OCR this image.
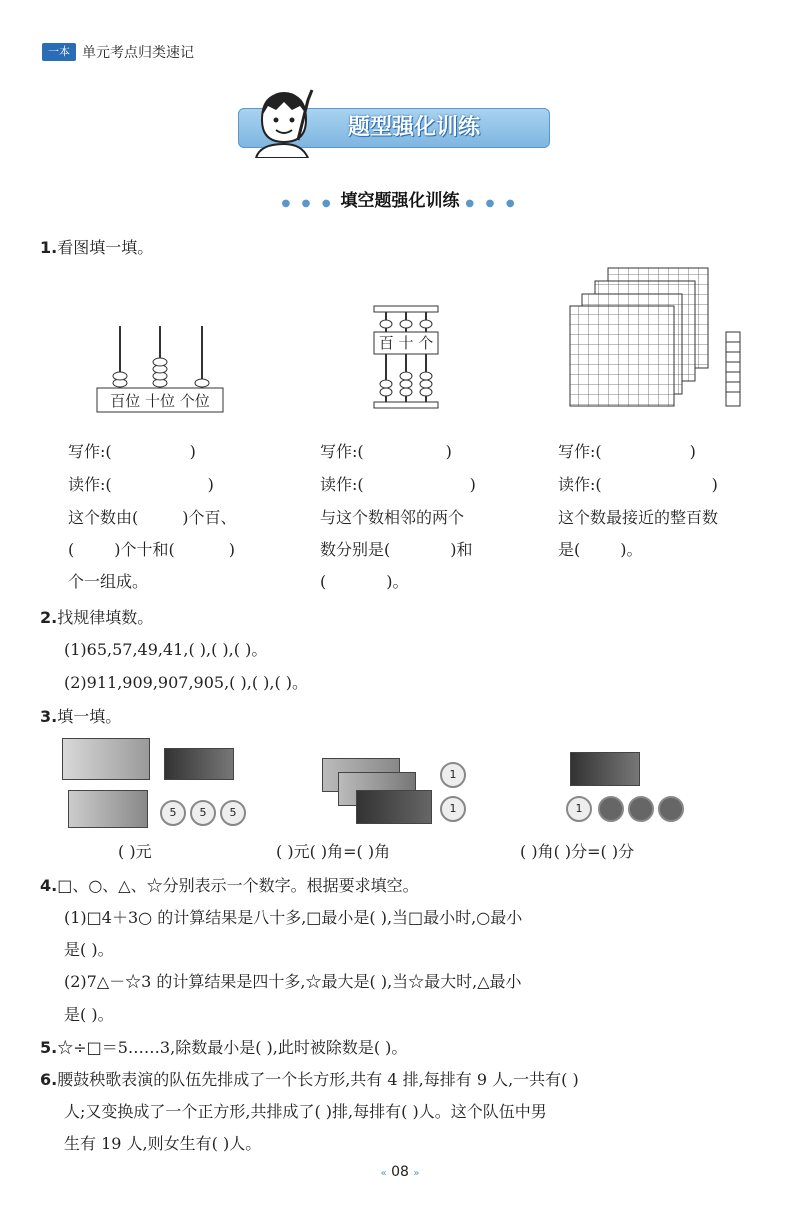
一本 单元考点归类速记
题型强化训练
● ● ● 填空题强化训练 ● ● ●
1.看图填一填。
百位 十位 个位
百 十 个
写作:(	)
读作:(	)
这个数由(	)个百、
(	)个十和(	)
个一组成。
写作:(	)
读作:(	)
与这个数相邻的两个
数分别是(	)和
(	)。
写作:(	)
读作:(	)
这个数最接近的整百数
是(	)。
2.找规律填数。
(1)65,57,49,41,( ),( ),( )。
(2)911,909,907,905,( ),( ),( )。
3.填一填。
5	5	5
1
1	1
( )元	( )元( )角=( )角	( )角( )分=( )分
4.□、○、△、☆分别表示一个数字。根据要求填空。
(1)□4＋3○ 的计算结果是八十多,□最小是( ),当□最小时,○最小
是( )。
(2)7△－☆3 的计算结果是四十多,☆最大是( ),当☆最大时,△最小
是( )。
5.☆÷□＝5……3,除数最小是( ),此时被除数是( )。
6.腰鼓秧歌表演的队伍先排成了一个长方形,共有 4 排,每排有 9 人,一共有( )
人;又变换成了一个正方形,共排成了( )排,每排有( )人。这个队伍中男
生有 19 人,则女生有( )人。
« 08 »
